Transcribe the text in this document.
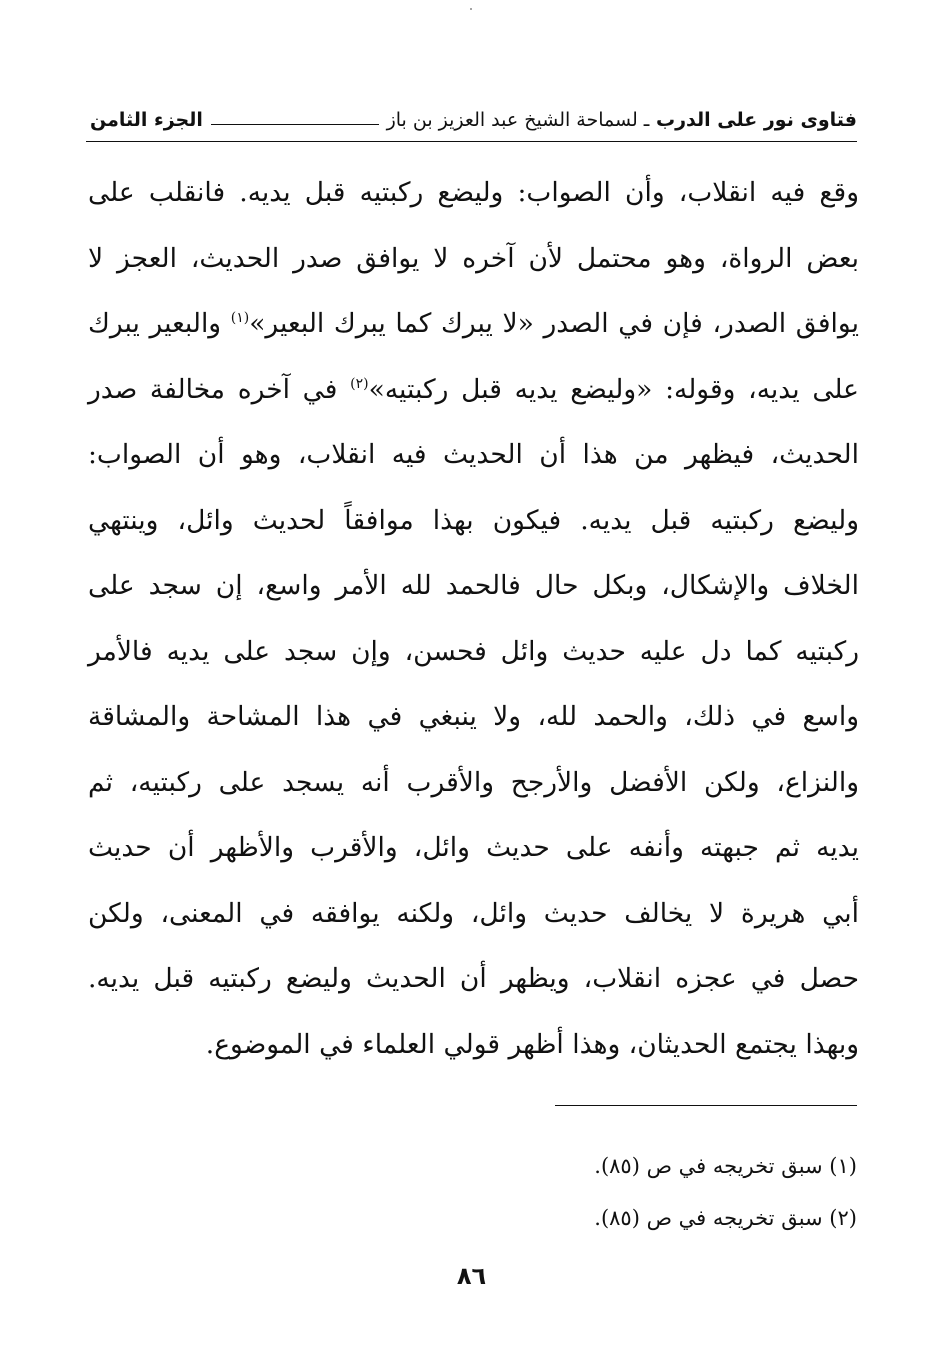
فتاوى نور على الدرب ـ لسماحة الشيخ عبد العزيز بن باز
الجزء الثامن
وقع فيه انقلاب، وأن الصواب: وليضع ركبتيه قبل يديه. فانقلب على
بعض الرواة، وهو محتمل لأن آخره لا يوافق صدر الحديث، العجز لا
يوافق الصدر، فإن في الصدر «لا يبرك كما يبرك البعير»$^{(١)}$ والبعير يبرك
على يديه، وقوله: «وليضع يديه قبل ركبتيه»$^{(٢)}$ في آخره مخالفة صدر
الحديث، فيظهر من هذا أن الحديث فيه انقلاب، وهو أن الصواب:
وليضع ركبتيه قبل يديه. فيكون بهذا موافقاً لحديث وائل، وينتهي
الخلاف والإشكال، وبكل حال فالحمد لله الأمر واسع، إن سجد على
ركبتيه كما دل عليه حديث وائل فحسن، وإن سجد على يديه فالأمر
واسع في ذلك، والحمد لله، ولا ينبغي في هذا المشاحة والمشاقة
والنزاع، ولكن الأفضل والأرجح والأقرب أنه يسجد على ركبتيه، ثم
يديه ثم جبهته وأنفه على حديث وائل، والأقرب والأظهر أن حديث
أبي هريرة لا يخالف حديث وائل، ولكنه يوافقه في المعنى، ولكن
حصل في عجزه انقلاب، ويظهر أن الحديث وليضع ركبتيه قبل يديه.
وبهذا يجتمع الحديثان، وهذا أظهر قولي العلماء في الموضوع.
(١) سبق تخريجه في ص (٨٥).
(٢) سبق تخريجه في ص (٨٥).
٨٦
